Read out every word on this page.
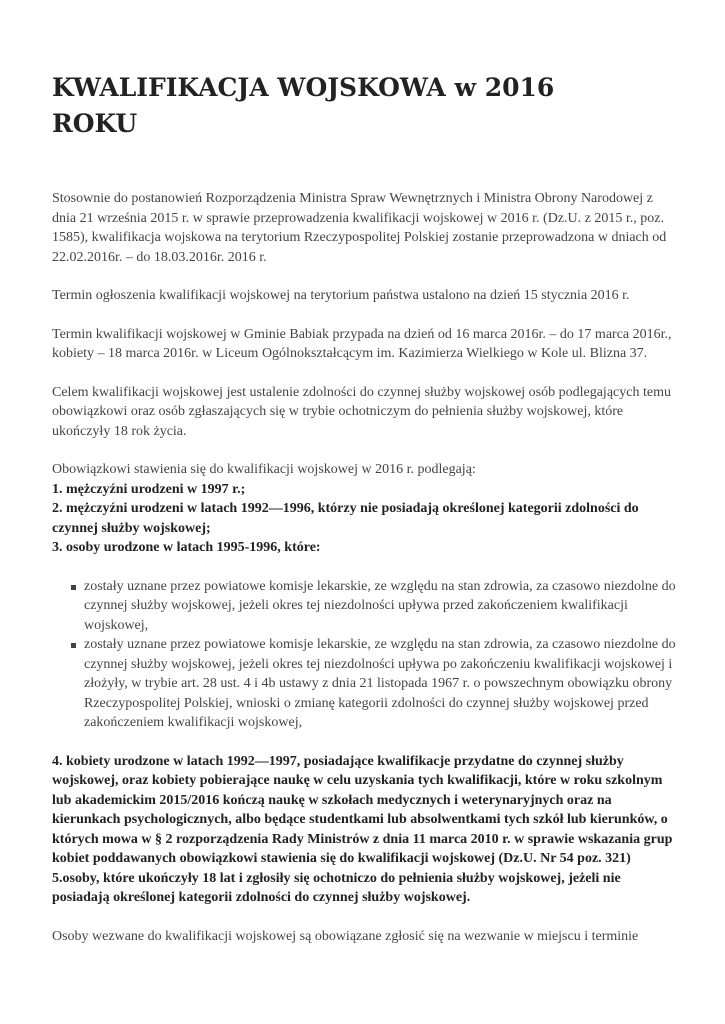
KWALIFIKACJA WOJSKOWA w 2016 ROKU

Stosownie do postanowień Rozporządzenia Ministra Spraw Wewnętrznych i Ministra Obrony Narodowej z dnia 21 września 2015 r. w sprawie przeprowadzenia kwalifikacji wojskowej w 2016 r. (Dz.U. z 2015 r., poz. 1585), kwalifikacja wojskowa na terytorium Rzeczypospolitej Polskiej zostanie przeprowadzona w dniach od 22.02.2016r. – do 18.03.2016r. 2016 r.

Termin ogłoszenia kwalifikacji wojskowej na terytorium państwa ustalono na dzień 15 stycznia 2016 r.

Termin kwalifikacji wojskowej w Gminie Babiak przypada na dzień od 16 marca 2016r. – do 17 marca 2016r., kobiety – 18 marca 2016r. w Liceum Ogólnokształcącym im. Kazimierza Wielkiego w Kole ul. Blizna 37.

Celem kwalifikacji wojskowej jest ustalenie zdolności do czynnej służby wojskowej osób podlegających temu obowiązkowi oraz osób zgłaszających się w trybie ochotniczym do pełnienia służby wojskowej, które ukończyły 18 rok życia.

Obowiązkowi stawienia się do kwalifikacji wojskowej w 2016 r. podlegają:

1. mężczyźni urodzeni w 1997 r.;

2. mężczyźni urodzeni w latach 1992—1996, którzy nie posiadają określonej kategorii zdolności do czynnej służby wojskowej;

3. osoby urodzone w latach 1995-1996, które:

zostały uznane przez powiatowe komisje lekarskie, ze względu na stan zdrowia, za czasowo niezdolne do czynnej służby wojskowej, jeżeli okres tej niezdolności upływa przed zakończeniem kwalifikacji wojskowej,
zostały uznane przez powiatowe komisje lekarskie, ze względu na stan zdrowia, za czasowo niezdolne do czynnej służby wojskowej, jeżeli okres tej niezdolności upływa po zakończeniu kwalifikacji wojskowej i złożyły, w trybie art. 28 ust. 4 i 4b ustawy z dnia 21 listopada 1967 r. o powszechnym obowiązku obrony Rzeczypospolitej Polskiej, wnioski o zmianę kategorii zdolności do czynnej służby wojskowej przed zakończeniem kwalifikacji wojskowej,

4. kobiety urodzone w latach 1992—1997, posiadające kwalifikacje przydatne do czynnej służby wojskowej, oraz kobiety pobierające naukę w celu uzyskania tych kwalifikacji, które w roku szkolnym lub akademickim 2015/2016 kończą naukę w szkołach medycznych i weterynaryjnych oraz na kierunkach psychologicznych, albo będące studentkami lub absolwentkami tych szkół lub kierunków, o których mowa w § 2 rozporządzenia Rady Ministrów z dnia 11 marca 2010 r. w sprawie wskazania grup kobiet poddawanych obowiązkowi stawienia się do kwalifikacji wojskowej (Dz.U. Nr 54 poz. 321)

5.osoby, które ukończyły 18 lat i zgłosiły się ochotniczo do pełnienia służby wojskowej, jeżeli nie posiadają określonej kategorii zdolności do czynnej służby wojskowej.

Osoby wezwane do kwalifikacji wojskowej są obowiązane zgłosić się na wezwanie w miejscu i terminie
